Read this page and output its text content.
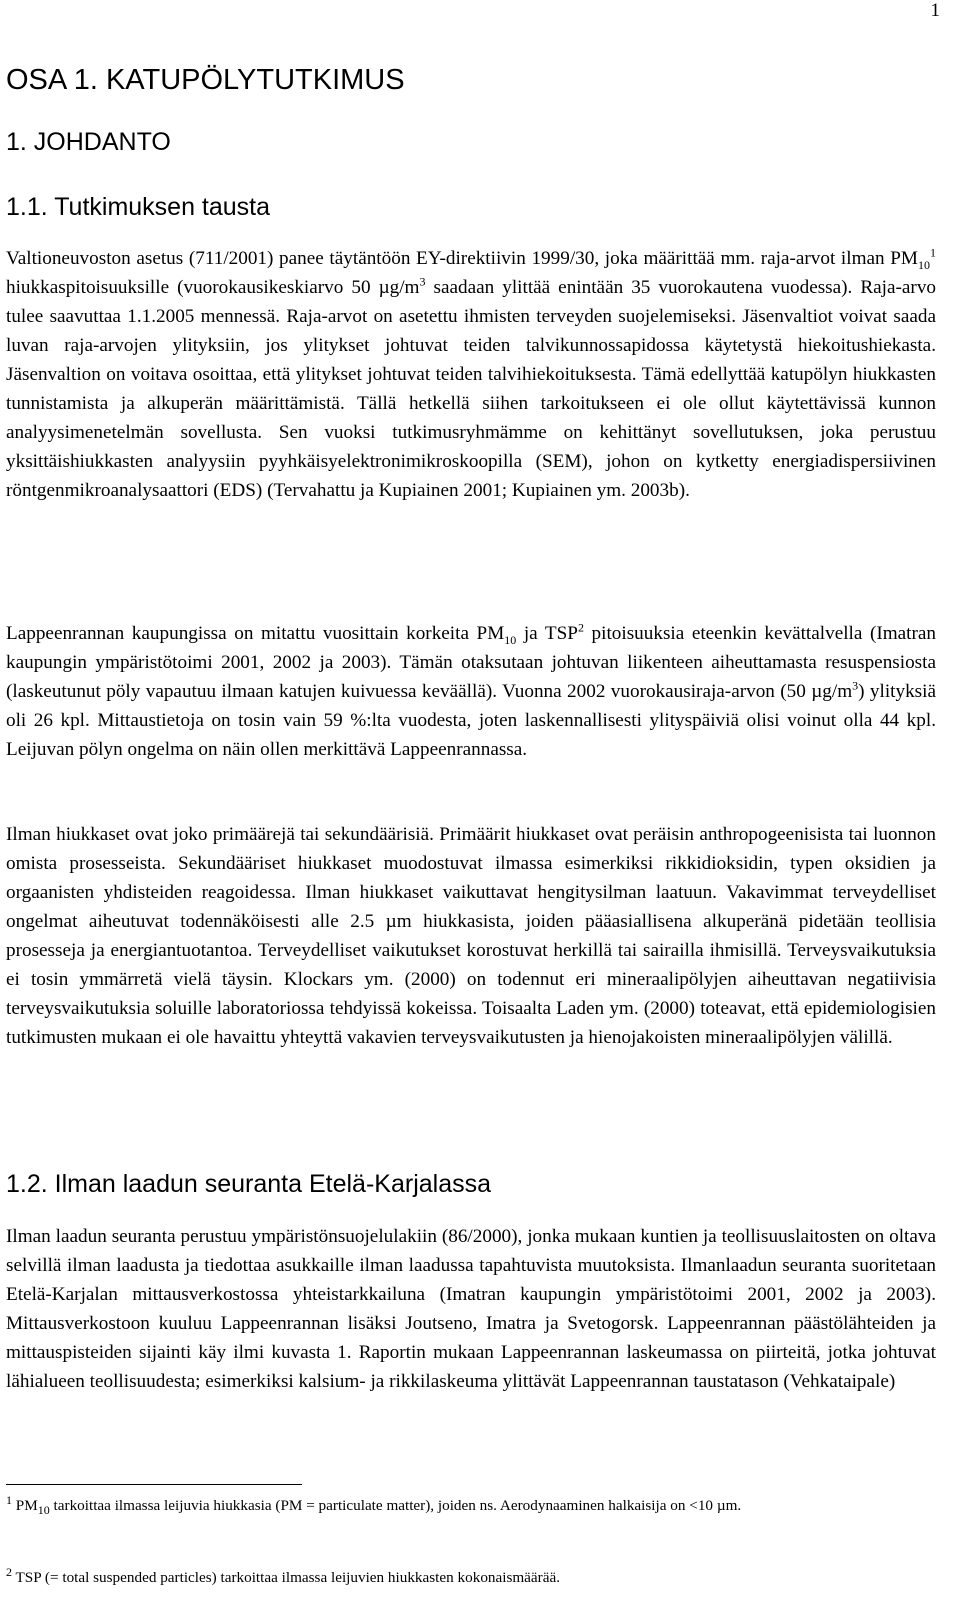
1
OSA 1. KATUPÖLYTUTKIMUS
1. JOHDANTO
1.1. Tutkimuksen tausta

Valtioneuvoston asetus (711/2001) panee täytäntöön EY-direktiivin 1999/30, joka määrittää mm. raja-arvot ilman $PM_{10}^1$ hiukkaspitoisuuksille (vuorokausikeskiarvo 50 $\mu g/m^3$ saadaan ylittää enintään 35 vuorokautena vuodessa). Raja-arvo tulee saavuttaa 1.1.2005 mennessä. Raja-arvot on asetettu ihmisten terveyden suojelemiseksi. Jäsenvaltiot voivat saada luvan raja-arvojen ylityksiin, jos ylitykset johtuvat teiden talvikunnossapidossa käytetystä hiekoitushiekasta. Jäsenvaltion on voitava osoittaa, että ylitykset johtuvat teiden talvihiekoituksesta. Tämä edellyttää katupölyn hiukkasten tunnistamista ja alkuperän määrittämistä. Tällä hetkellä siihen tarkoitukseen ei ole ollut käytettävissä kunnon analyysimenetelmän sovellusta. Sen vuoksi tutkimusryhmämme on kehittänyt sovellutuksen, joka perustuu yksittäishiukkasten analyysiin pyyhkäisyelektronimikroskoopilla (SEM), johon on kytketty energiadispersiivinen röntgenmikroanalysaattori (EDS) (Tervahattu ja Kupiainen 2001; Kupiainen ym. 2003b).

Lappeenrannan kaupungissa on mitattu vuosittain korkeita $PM_{10}$ ja TSP$^2$ pitoisuuksia eteenkin kevättalvella (Imatran kaupungin ympäristötoimi 2001, 2002 ja 2003). Tämän otaksutaan johtuvan liikenteen aiheuttamasta resuspensiosta (laskeutunut pöly vapautuu ilmaan katujen kuivuessa keväällä). Vuonna 2002 vuorokausiraja-arvon (50 $\mu g/m^3$) ylityksiä oli 26 kpl. Mittaustietoja on tosin vain 59 %:lta vuodesta, joten laskennallisesti ylityspäiviä olisi voinut olla 44 kpl. Leijuvan pölyn ongelma on näin ollen merkittävä Lappeenrannassa.

Ilman hiukkaset ovat joko primäärejä tai sekundäärisiä. Primäärit hiukkaset ovat peräisin anthropogeenisista tai luonnon omista prosesseista. Sekundääriset hiukkaset muodostuvat ilmassa esimerkiksi rikkidioksidin, typen oksidien ja orgaanisten yhdisteiden reagoidessa. Ilman hiukkaset vaikuttavat hengitysilman laatuun. Vakavimmat terveydelliset ongelmat aiheutuvat todennäköisesti alle 2.5 µm hiukkasista, joiden pääasiallisena alkuperänä pidetään teollisia prosesseja ja energiantuotantoa. Terveydelliset vaikutukset korostuvat herkillä tai sairailla ihmisillä. Terveysvaikutuksia ei tosin ymmärretä vielä täysin. Klockars ym. (2000) on todennut eri mineraalipölyjen aiheuttavan negatiivisia terveysvaikutuksia soluille laboratoriossa tehdyissä kokeissa. Toisaalta Laden ym. (2000) toteavat, että epidemiologisien tutkimusten mukaan ei ole havaittu yhteyttä vakavien terveysvaikutusten ja hienojakoisten mineraalipölyjen välillä.

1.2. Ilman laadun seuranta Etelä-Karjalassa

Ilman laadun seuranta perustuu ympäristönsuojelulakiin (86/2000), jonka mukaan kuntien ja teollisuuslaitosten on oltava selvillä ilman laadusta ja tiedottaa asukkaille ilman laadussa tapahtuvista muutoksista. Ilmanlaadun seuranta suoritetaan Etelä-Karjalan mittausverkostossa yhteistarkkailuna (Imatran kaupungin ympäristötoimi 2001, 2002 ja 2003). Mittausverkostoon kuuluu Lappeenrannan lisäksi Joutseno, Imatra ja Svetogorsk. Lappeenrannan päästölähteiden ja mittauspisteiden sijainti käy ilmi kuvasta 1. Raportin mukaan Lappeenrannan laskeumassa on piirteitä, jotka johtuvat lähialueen teollisuudesta; esimerkiksi kalsium- ja rikkilaskeuma ylittävät Lappeenrannan taustatason (Vehkataipale)

$^1$ $PM_{10}$ tarkoittaa ilmassa leijuvia hiukkasia (PM = particulate matter), joiden ns. Aerodynaaminen halkaisija on <10 µm.

$^2$ TSP (= total suspended particles) tarkoittaa ilmassa leijuvien hiukkasten kokonaismäärää.
